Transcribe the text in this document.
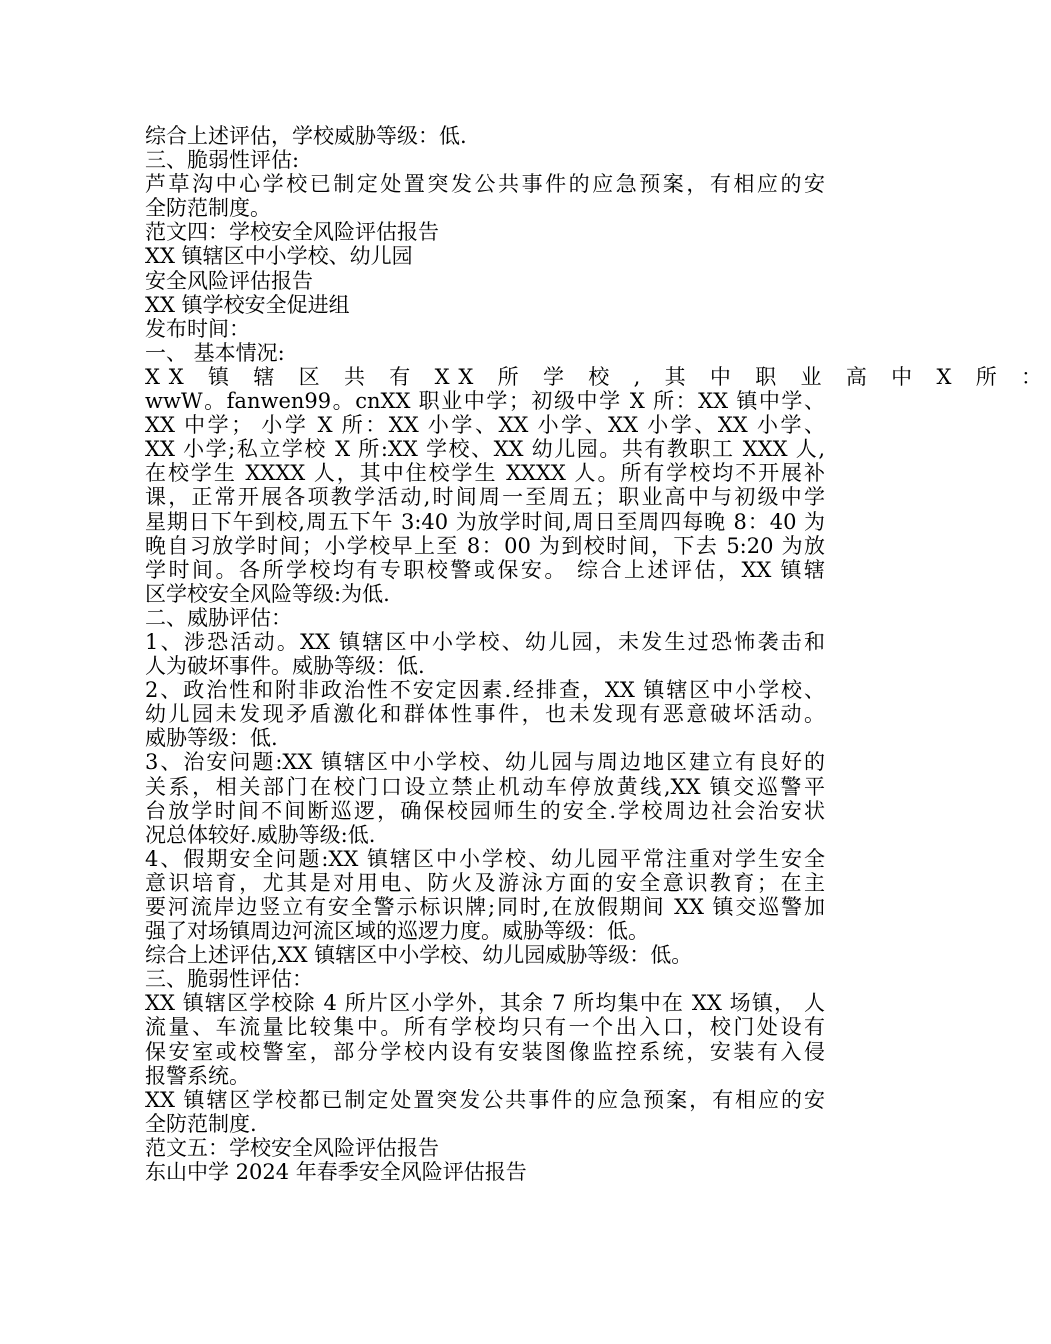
综合上述评估，学校威胁等级：低.
三、脆弱性评估:
芦草沟中心学校已制定处置突发公共事件的应急预案，有相应的安
全防范制度。
范文四：学校安全风险评估报告
XX 镇辖区中小学校、幼儿园
安全风险评估报告
XX 镇学校安全促进组
发布时间：
一、 基本情况:
XX 镇 辖 区 共 有 XX 所 学 校 , 其 中 职 业 高 中 X 所 ：
wwW。fanwen99。cnXX 职业中学；初级中学 X 所：XX 镇中学、
XX 中学； 小学 X 所：XX 小学、XX 小学、XX 小学、XX 小学、
XX 小学;私立学校 X 所:XX 学校、XX 幼儿园。共有教职工 XXX 人,
在校学生 XXXX 人，其中住校学生 XXXX 人。所有学校均不开展补
课，正常开展各项教学活动,时间周一至周五；职业高中与初级中学
星期日下午到校,周五下午 3:40 为放学时间,周日至周四每晚 8：40 为
晚自习放学时间；小学校早上至 8：00 为到校时间，下去 5:20 为放
学时间。各所学校均有专职校警或保安。 综合上述评估，XX 镇辖
区学校安全风险等级:为低.
二、威胁评估：
1、涉恐活动。XX 镇辖区中小学校、幼儿园，未发生过恐怖袭击和
人为破坏事件。威胁等级：低.
2、政治性和附非政治性不安定因素.经排查，XX 镇辖区中小学校、
幼儿园未发现矛盾激化和群体性事件，也未发现有恶意破坏活动。
威胁等级：低.
3、治安问题:XX 镇辖区中小学校、幼儿园与周边地区建立有良好的
关系，相关部门在校门口设立禁止机动车停放黄线,XX 镇交巡警平
台放学时间不间断巡逻，确保校园师生的安全.学校周边社会治安状
况总体较好.威胁等级:低.
4、假期安全问题:XX 镇辖区中小学校、幼儿园平常注重对学生安全
意识培育，尤其是对用电、防火及游泳方面的安全意识教育；在主
要河流岸边竖立有安全警示标识牌;同时,在放假期间 XX 镇交巡警加
强了对场镇周边河流区域的巡逻力度。威胁等级：低。
综合上述评估,XX 镇辖区中小学校、幼儿园威胁等级：低。
三、脆弱性评估：
XX 镇辖区学校除 4 所片区小学外，其余 7 所均集中在 XX 场镇， 人
流量、车流量比较集中。所有学校均只有一个出入口，校门处设有
保安室或校警室，部分学校内设有安装图像监控系统，安装有入侵
报警系统。
XX 镇辖区学校都已制定处置突发公共事件的应急预案，有相应的安
全防范制度.
范文五：学校安全风险评估报告
东山中学 2024 年春季安全风险评估报告
